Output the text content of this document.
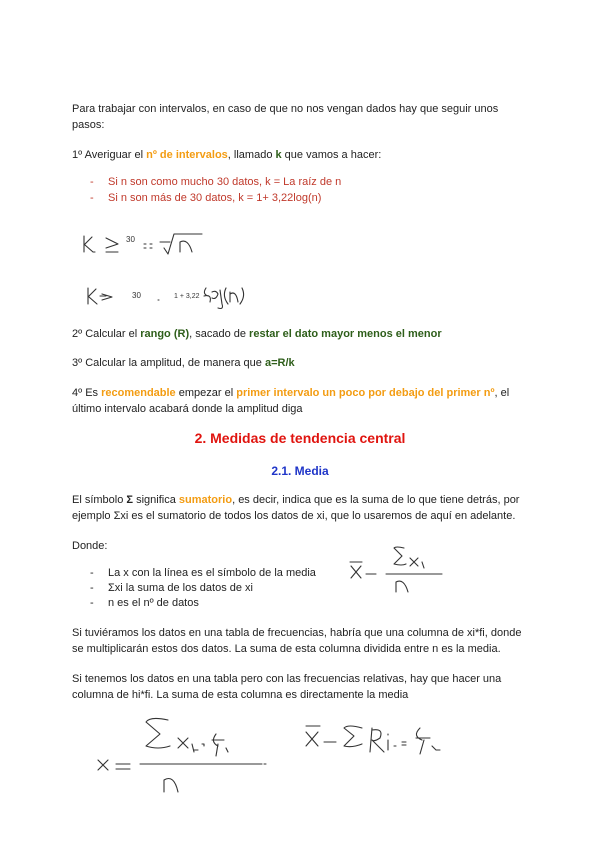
Para trabajar con intervalos, en caso de que no nos vengan dados hay que seguir unos
pasos:

1º Averiguar el nº de intervalos, llamado k que vamos a hacer:

- Si n son como mucho 30 datos, k = La raíz de n
- Si n son más de 30 datos, k = 1+ 3,22log(n)
30
30	1 + 3,22

2º Calcular el rango (R), sacado de restar el dato mayor menos el menor

3º Calcular la amplitud, de manera que a=R/k

4º Es recomendable empezar el primer intervalo un poco por debajo del primer nº, el
último intervalo acabará donde la amplitud diga

2. Medidas de tendencia central
2.1. Media

El símbolo Σ significa sumatorio, es decir, indica que es la suma de lo que tiene detrás, por
ejemplo Σxi es el sumatorio de todos los datos de xi, que lo usaremos de aquí en adelante.

Donde:

- La x con la línea es el símbolo de la media
- Σxi la suma de los datos de xi
- n es el nº de datos

Si tuviéramos los datos en una tabla de frecuencias, habría que una columna de xi*fi, donde
se multiplicarán estos dos datos. La suma de esta columna dividida entre n es la media.

Si tenemos los datos en una tabla pero con las frecuencias relativas, hay que hacer una
columna de hi*fi. La suma de esta columna es directamente la media
